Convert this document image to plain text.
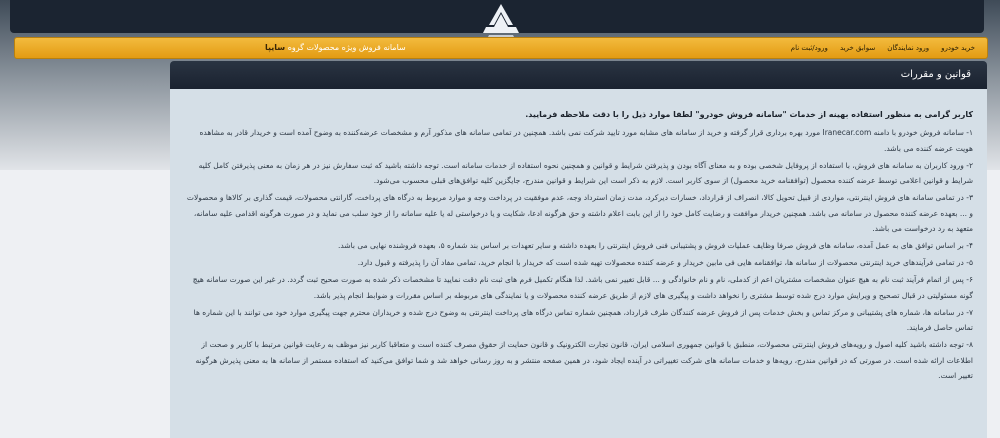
خرید خودرو
ورود نمایندگان
سوابق خرید
ورود/ثبت نام
سامانه فروش ویژه محصولات گروه سایپا
قوانین و مقررات
کاربر گرامی به منظور استفاده بهینه از خدمات "سامانه فروش خودرو" لطفا موارد ذیل را با دقت ملاحظه فرمایید.

۱- سامانه فروش خودرو با دامنه Iranecar.com مورد بهره برداری قرار گرفته و خرید از سامانه های مشابه مورد تایید شرکت نمی باشد. همچنین در تمامی سامانه های مذکور آرم و مشخصات عرضه‌کننده به وضوح آمده است و خریدار قادر به مشاهده هویت عرضه کننده می باشد.

۲- ورود کاربران به سامانه های فروش، با استفاده از پروفایل شخصی بوده و به معنای آگاه بودن و پذیرفتن شرایط و قوانین و همچنین نحوه استفاده از خدمات سامانه است. توجه داشته باشید که ثبت سفارش نیز در هر زمان به معنی پذیرفتن کامل کلیه شرایط و قوانین اعلامی توسط عرضه کننده محصول (توافقنامه خرید محصول) از سوی کاربر است. لازم به ذکر است این شرایط و قوانین مندرج، جایگزین کلیه توافق‌های قبلی محسوب می‌شود.

۳- در تمامی سامانه های فروش اینترنتی، مواردی از قبیل تحویل کالا، انصراف از قرارداد، خسارات دیرکرد، مدت زمان استرداد وجه، عدم موفقیت در پرداخت وجه و موارد مربوط به درگاه های پرداخت، گارانتی محصولات، قیمت گذاری بر کالاها و محصولات و ... بعهده عرضه کننده محصول در سامانه می باشد. همچنین خریدار موافقت و رضایت کامل خود را از این بابت اعلام داشته و حق هرگونه ادعا، شکایت و یا درخواستی له یا علیه سامانه را از خود سلب می نماید و در صورت هرگونه اقدامی علیه سامانه، متعهد به رد درخواست می باشد.

۴- بر اساس توافق های به عمل آمده، سامانه های فروش صرفا وظایف عملیات فروش و پشتیبانی فنی فروش اینترنتی را بعهده داشته و سایر تعهدات بر اساس بند شماره ۵، بعهده فروشنده نهایی می باشد.

۵- در تمامی فرآیندهای خرید اینترنتی محصولات از سامانه ها، توافقنامه هایی فی مابین خریدار و عرضه کننده محصولات تهیه شده است که خریدار با انجام خرید، تمامی مفاد آن را پذیرفته و قبول دارد.

۶- پس از اتمام فرآیند ثبت نام به هیچ عنوان مشخصات مشتریان اعم از کدملی، نام و نام خانوادگی و ... قابل تغییر نمی باشد. لذا هنگام تکمیل فرم های ثبت نام دقت نمایید تا مشخصات ذکر شده به صورت صحیح ثبت گردد. در غیر این صورت سامانه هیچ گونه مسئولیتی در قبال تصحیح و ویرایش موارد درج شده توسط مشتری را نخواهد داشت و پیگیری های لازم از طریق عرضه کننده محصولات و یا نمایندگی های مربوطه بر اساس مقررات و ضوابط انجام پذیر باشد.

۷- در سامانه ها، شماره های پشتیبانی و مرکز تماس و بخش خدمات پس از فروش عرضه کنندگان طرف قرارداد، همچنین شماره تماس درگاه های پرداخت اینترنتی به وضوح درج شده و خریداران محترم جهت پیگیری موارد خود می توانند با این شماره ها تماس حاصل فرمایند.

۸- توجه داشته باشید کلیه اصول و رویه‌های فروش اینترنتی محصولات، منطبق با قوانین جمهوری اسلامی ایران، قانون تجارت الکترونیک و قانون حمایت از حقوق مصرف کننده است و متعاقبا کاربر نیز موظف به رعایت قوانین مرتبط با کاربر و صحت از اطلاعات ارائه شده است. در صورتی که در قوانین مندرج، رویه‌ها و خدمات سامانه های شرکت تغییراتی در آینده ایجاد شود، در همین صفحه منتشر و به روز رسانی خواهد شد و شما توافق می‌کنید که استفاده مستمر از سامانه ها به معنی پذیرش هرگونه تغییر است.
